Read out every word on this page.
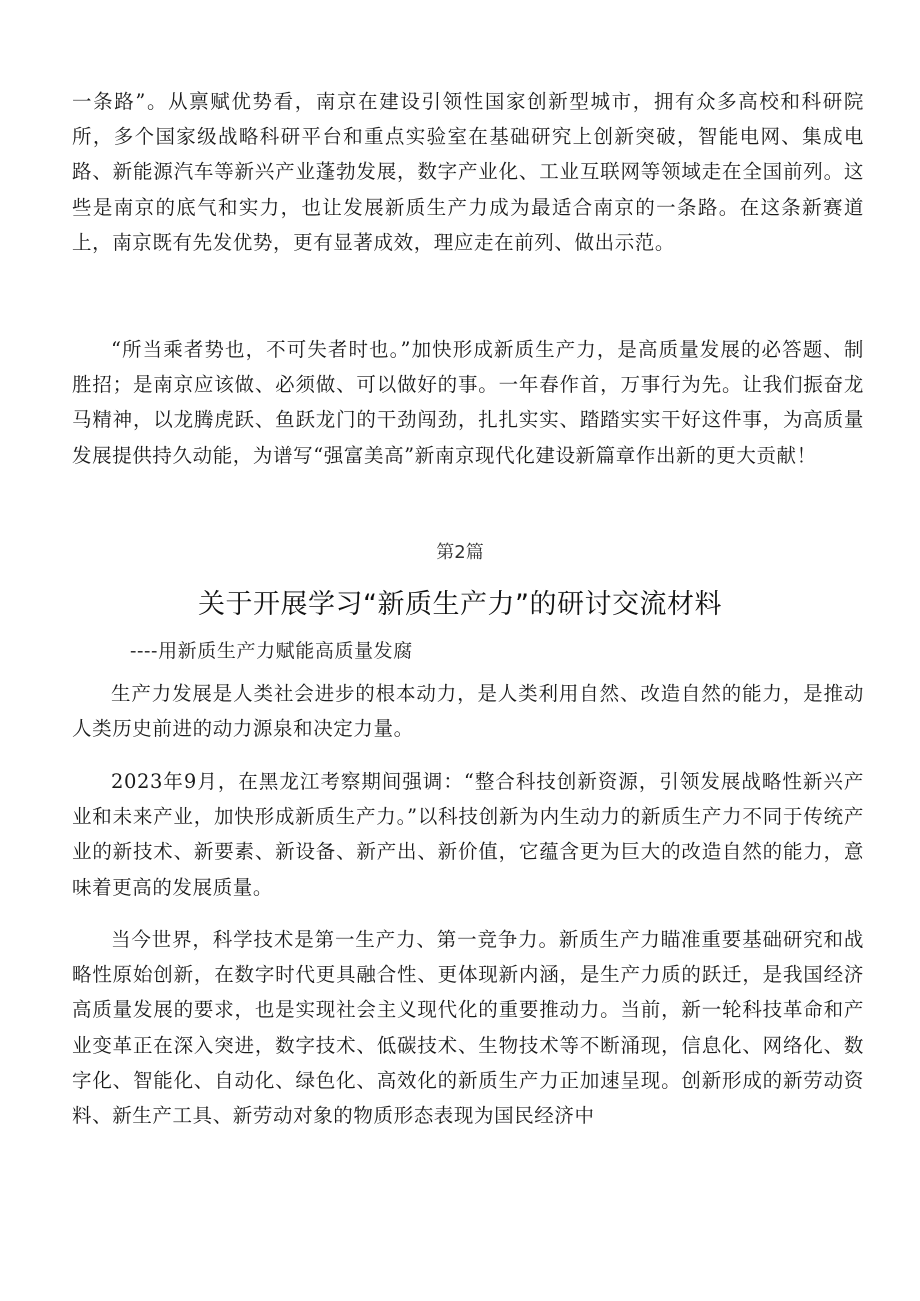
一条路”。从禀赋优势看，南京在建设引领性国家创新型城市，拥有众多高校和科研院所，多个国家级战略科研平台和重点实验室在基础研究上创新突破，智能电网、集成电路、新能源汽车等新兴产业蓬勃发展，数字产业化、工业互联网等领域走在全国前列。这些是南京的底气和实力，也让发展新质生产力成为最适合南京的一条路。在这条新赛道上，南京既有先发优势，更有显著成效，理应走在前列、做出示范。

“所当乘者势也，不可失者时也。”加快形成新质生产力，是高质量发展的必答题、制胜招；是南京应该做、必须做、可以做好的事。一年春作首，万事行为先。让我们振奋龙马精神，以龙腾虎跃、鱼跃龙门的干劲闯劲，扎扎实实、踏踏实实干好这件事，为高质量发展提供持久动能，为谱写“强富美高”新南京现代化建设新篇章作出新的更大贡献！

第2篇

关于开展学习“新质生产力”的研讨交流材料

----用新质生产力赋能高质量发腐

生产力发展是人类社会进步的根本动力，是人类利用自然、改造自然的能力，是推动人类历史前进的动力源泉和决定力量。

2023年9月，在黑龙江考察期间强调：“整合科技创新资源，引领发展战略性新兴产业和未来产业，加快形成新质生产力。”以科技创新为内生动力的新质生产力不同于传统产业的新技术、新要素、新设备、新产出、新价值，它蕴含更为巨大的改造自然的能力，意味着更高的发展质量。

当今世界，科学技术是第一生产力、第一竞争力。新质生产力瞄准重要基础研究和战略性原始创新，在数字时代更具融合性、更体现新内涵，是生产力质的跃迁，是我国经济高质量发展的要求，也是实现社会主义现代化的重要推动力。当前，新一轮科技革命和产业变革正在深入突进，数字技术、低碳技术、生物技术等不断涌现，信息化、网络化、数字化、智能化、自动化、绿色化、高效化的新质生产力正加速呈现。创新形成的新劳动资料、新生产工具、新劳动对象的物质形态表现为国民经济中
